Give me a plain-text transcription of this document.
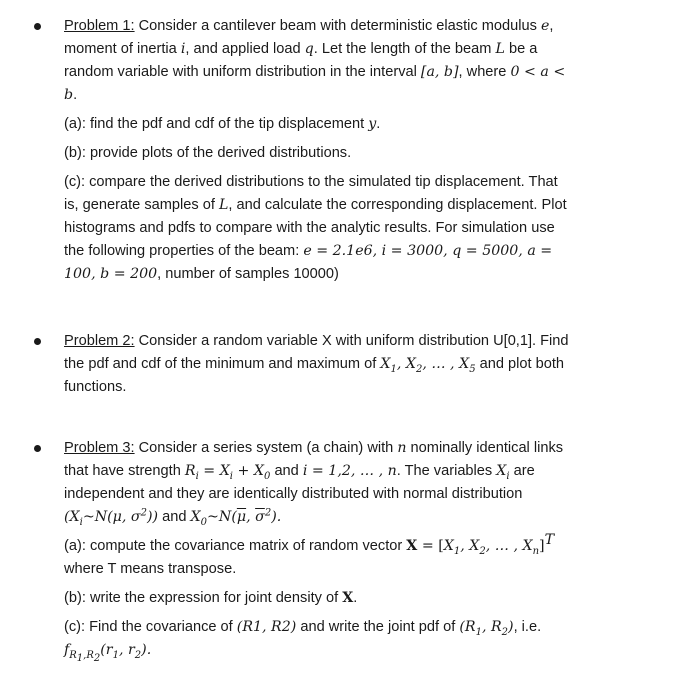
Problem 1: Consider a cantilever beam with deterministic elastic modulus e,
moment of inertia i, and applied load q. Let the length of the beam L be a
random variable with uniform distribution in the interval [a, b], where 0 < a <
b.

(a): find the pdf and cdf of the tip displacement y.

(b): provide plots of the derived distributions.

(c): compare the derived distributions to the simulated tip displacement. That
is, generate samples of L, and calculate the corresponding displacement. Plot
histograms and pdfs to compare with the analytic results. For simulation use
the following properties of the beam: e = 2.1e6, i = 3000, q = 5000, a =
100, b = 200, number of samples 10000)

Problem 2: Consider a random variable X with uniform distribution U[0,1]. Find
the pdf and cdf of the minimum and maximum of $X_1$, $X_2$, … , $X_5$ and plot both
functions.

Problem 3: Consider a series system (a chain) with n nominally identical links
that have strength $R_i = X_i + X_0$ and i = 1,2, … , n. The variables $X_i$ are
independent and they are identically distributed with normal distribution
($X_i\sim N(\mu$, $\sigma^2$)) and $X_0\sim N(\overline{\mu}$, $\overline{\sigma}^2$).

(a): compute the covariance matrix of random vector $X = [X_1$, $X_2$, … , $X_n]^T$
where T means transpose.

(b): write the expression for joint density of X.

(c): Find the covariance of (R1, R2) and write the joint pdf of ($R_1$, $R_2$), i.e.
$f_{R_1,R_2}(r_1$, $r_2$).
